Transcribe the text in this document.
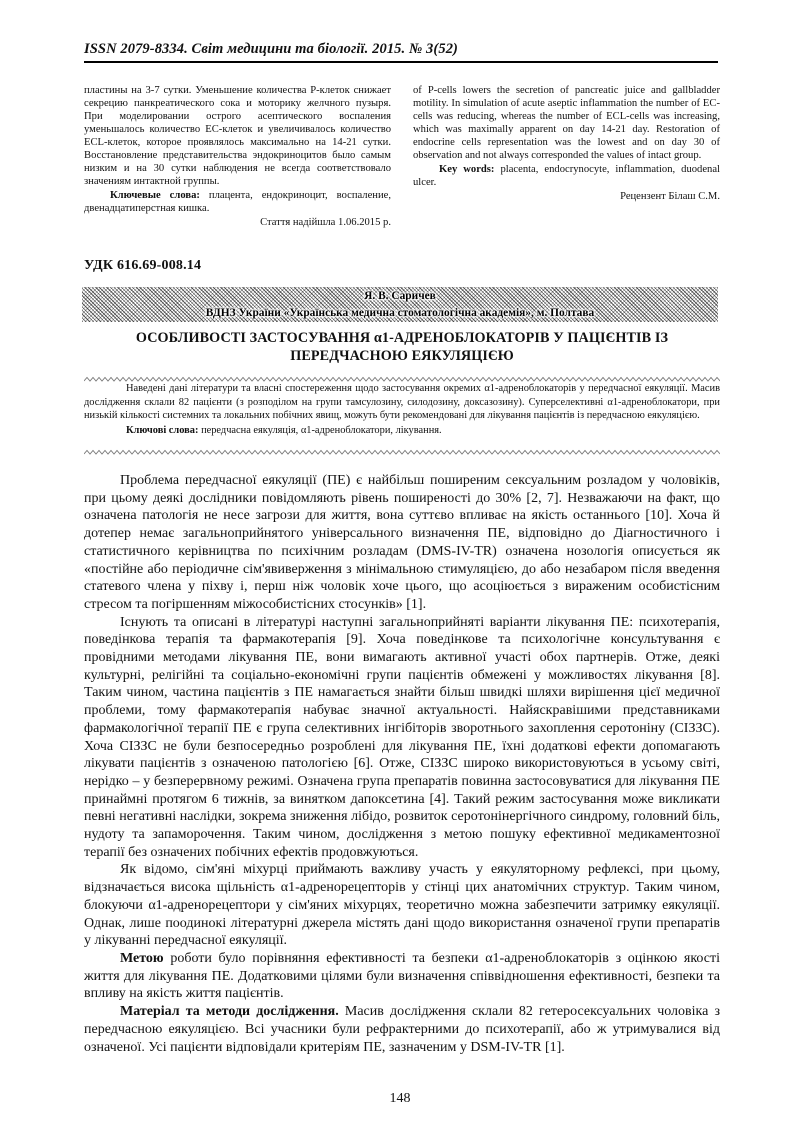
ISSN 2079-8334. Світ медицини та біології. 2015. № 3(52)

пластины на 3-7 сутки. Уменьшение количества Р-клеток снижает секрецию панкреатического сока и моторику желчного пузыря. При моделировании острого асептического воспаления уменьшалось количество ЕС-клеток и увеличивалось количество ECL-клеток, которое проявлялось максимально на 14-21 сутки. Восстановление представительства эндокриноцитов было самым низким и на 30 сутки наблюдения не всегда соответствовало значениям интактной группы.

Ключевые слова: плацента, ендокриноцит, воспаление, двенадцатиперстная кишка.

Стаття надійшла 1.06.2015 р.

of P-cells lowers the secretion of pancreatic juice and gallbladder motility. In simulation of acute aseptic inflammation the number of EC-cells was reducing, whereas the number of ECL-cells was increasing, which was maximally apparent on day 14-21 day. Restoration of endocrine cells representation was the lowest and on day 30 of observation and not always corresponded the values of intact group.

Key words: placenta, endocrynocyte, inflammation, duodenal ulcer.

Рецензент Білаш С.М.

УДК 616.69-008.14
Я. В. Саричев
ВДНЗ України «Українська медична стоматологічна академія», м. Полтава
ОСОБЛИВОСТІ ЗАСТОСУВАННЯ α1-АДРЕНОБЛОКАТОРІВ У ПАЦІЄНТІВ ІЗ ПЕРЕДЧАСНОЮ ЕЯКУЛЯЦІЄЮ

Наведені дані літератури та власні спостереження щодо застосування окремих α1-адреноблокаторів у передчасної еякуляції. Масив дослідження склали 82 пацієнти (з розподілом на групи тамсулозину, силодозину, доксазозину). Суперселективні α1-адреноблокатори, при низькій кількості системних та локальних побічних явищ, можуть бути рекомендовані для лікування пацієнтів із передчасною еякуляцією.

Ключові слова: передчасна еякуляція, α1-адреноблокатори, лікування.

Проблема передчасної еякуляції (ПЕ) є найбільш поширеним сексуальним розладом у чоловіків, при цьому деякі дослідники повідомляють рівень поширеності до 30% [2, 7]. Незважаючи на факт, що означена патологія не несе загрози для життя, вона суттєво впливає на якість останнього [10]. Хоча й дотепер немає загальноприйнятого універсального визначення ПЕ, відповідно до Діагностичного і статистичного керівництва по психічним розладам (DMS-IV-TR) означена нозологія описується як «постійне або періодичне сім'явиверження з мінімальною стимуляцією, до або незабаром після введення статевого члена у піхву і, перш ніж чоловік хоче цього, що асоціюється з вираженим особистісним стресом та погіршенням міжособистісних стосунків» [1].

Існують та описані в літературі наступні загальноприйняті варіанти лікування ПЕ: психотерапія, поведінкова терапія та фармакотерапія [9]. Хоча поведінкове та психологічне консультування є провідними методами лікування ПЕ, вони вимагають активної участі обох партнерів. Отже, деякі культурні, релігійні та соціально-економічні групи пацієнтів обмежені у можливостях лікування [8]. Таким чином, частина пацієнтів з ПЕ намагається знайти більш швидкі шляхи вирішення цієї медичної проблеми, тому фармакотерапія набуває значної актуальності. Найяскравішими представниками фармакологічної терапії ПЕ є група селективних інгібіторів зворотнього захоплення серотоніну (СІЗЗС). Хоча СІЗЗС не були безпосередньо розроблені для лікування ПЕ, їхні додаткові ефекти допомагають лікувати пацієнтів з означеною патологією [6]. Отже, СІЗЗС широко використовуються в усьому світі, нерідко – у безперервному режимі. Означена група препаратів повинна застосовуватися для лікування ПЕ принаймні протягом 6 тижнів, за винятком дапоксетина [4]. Такий режим застосування може викликати певні негативні наслідки, зокрема зниження лібідо, розвиток серотонінергічного синдрому, головний біль, нудоту та запаморочення. Таким чином, дослідження з метою пошуку ефективної медикаментозної терапії без означених побічних ефектів продовжуються.

Як відомо, сім'яні міхурці приймають важливу участь у еякуляторному рефлексі, при цьому, відзначається висока щільність α1-адренорецепторів у стінці цих анатомічних структур. Таким чином, блокуючи α1-адренорецептори у сім'яних міхурцях, теоретично можна забезпечити затримку еякуляції. Однак, лише поодинокі літературні джерела містять дані щодо використання означеної групи препаратів у лікуванні передчасної еякуляції.

Метою роботи було порівняння ефективності та безпеки α1-адреноблокаторів з оцінкою якості життя для лікування ПЕ. Додатковими цілями були визначення співвідношення ефективності, безпеки та впливу на якість життя пацієнтів.

Матеріал та методи дослідження. Масив дослідження склали 82 гетеросексуальних чоловіка з передчасною еякуляцією. Всі учасники були рефрактерними до психотерапії, або ж утримувалися від означеної. Усі пацієнти відповідали критеріям ПЕ, зазначеним у DSM-IV-TR [1].

148
